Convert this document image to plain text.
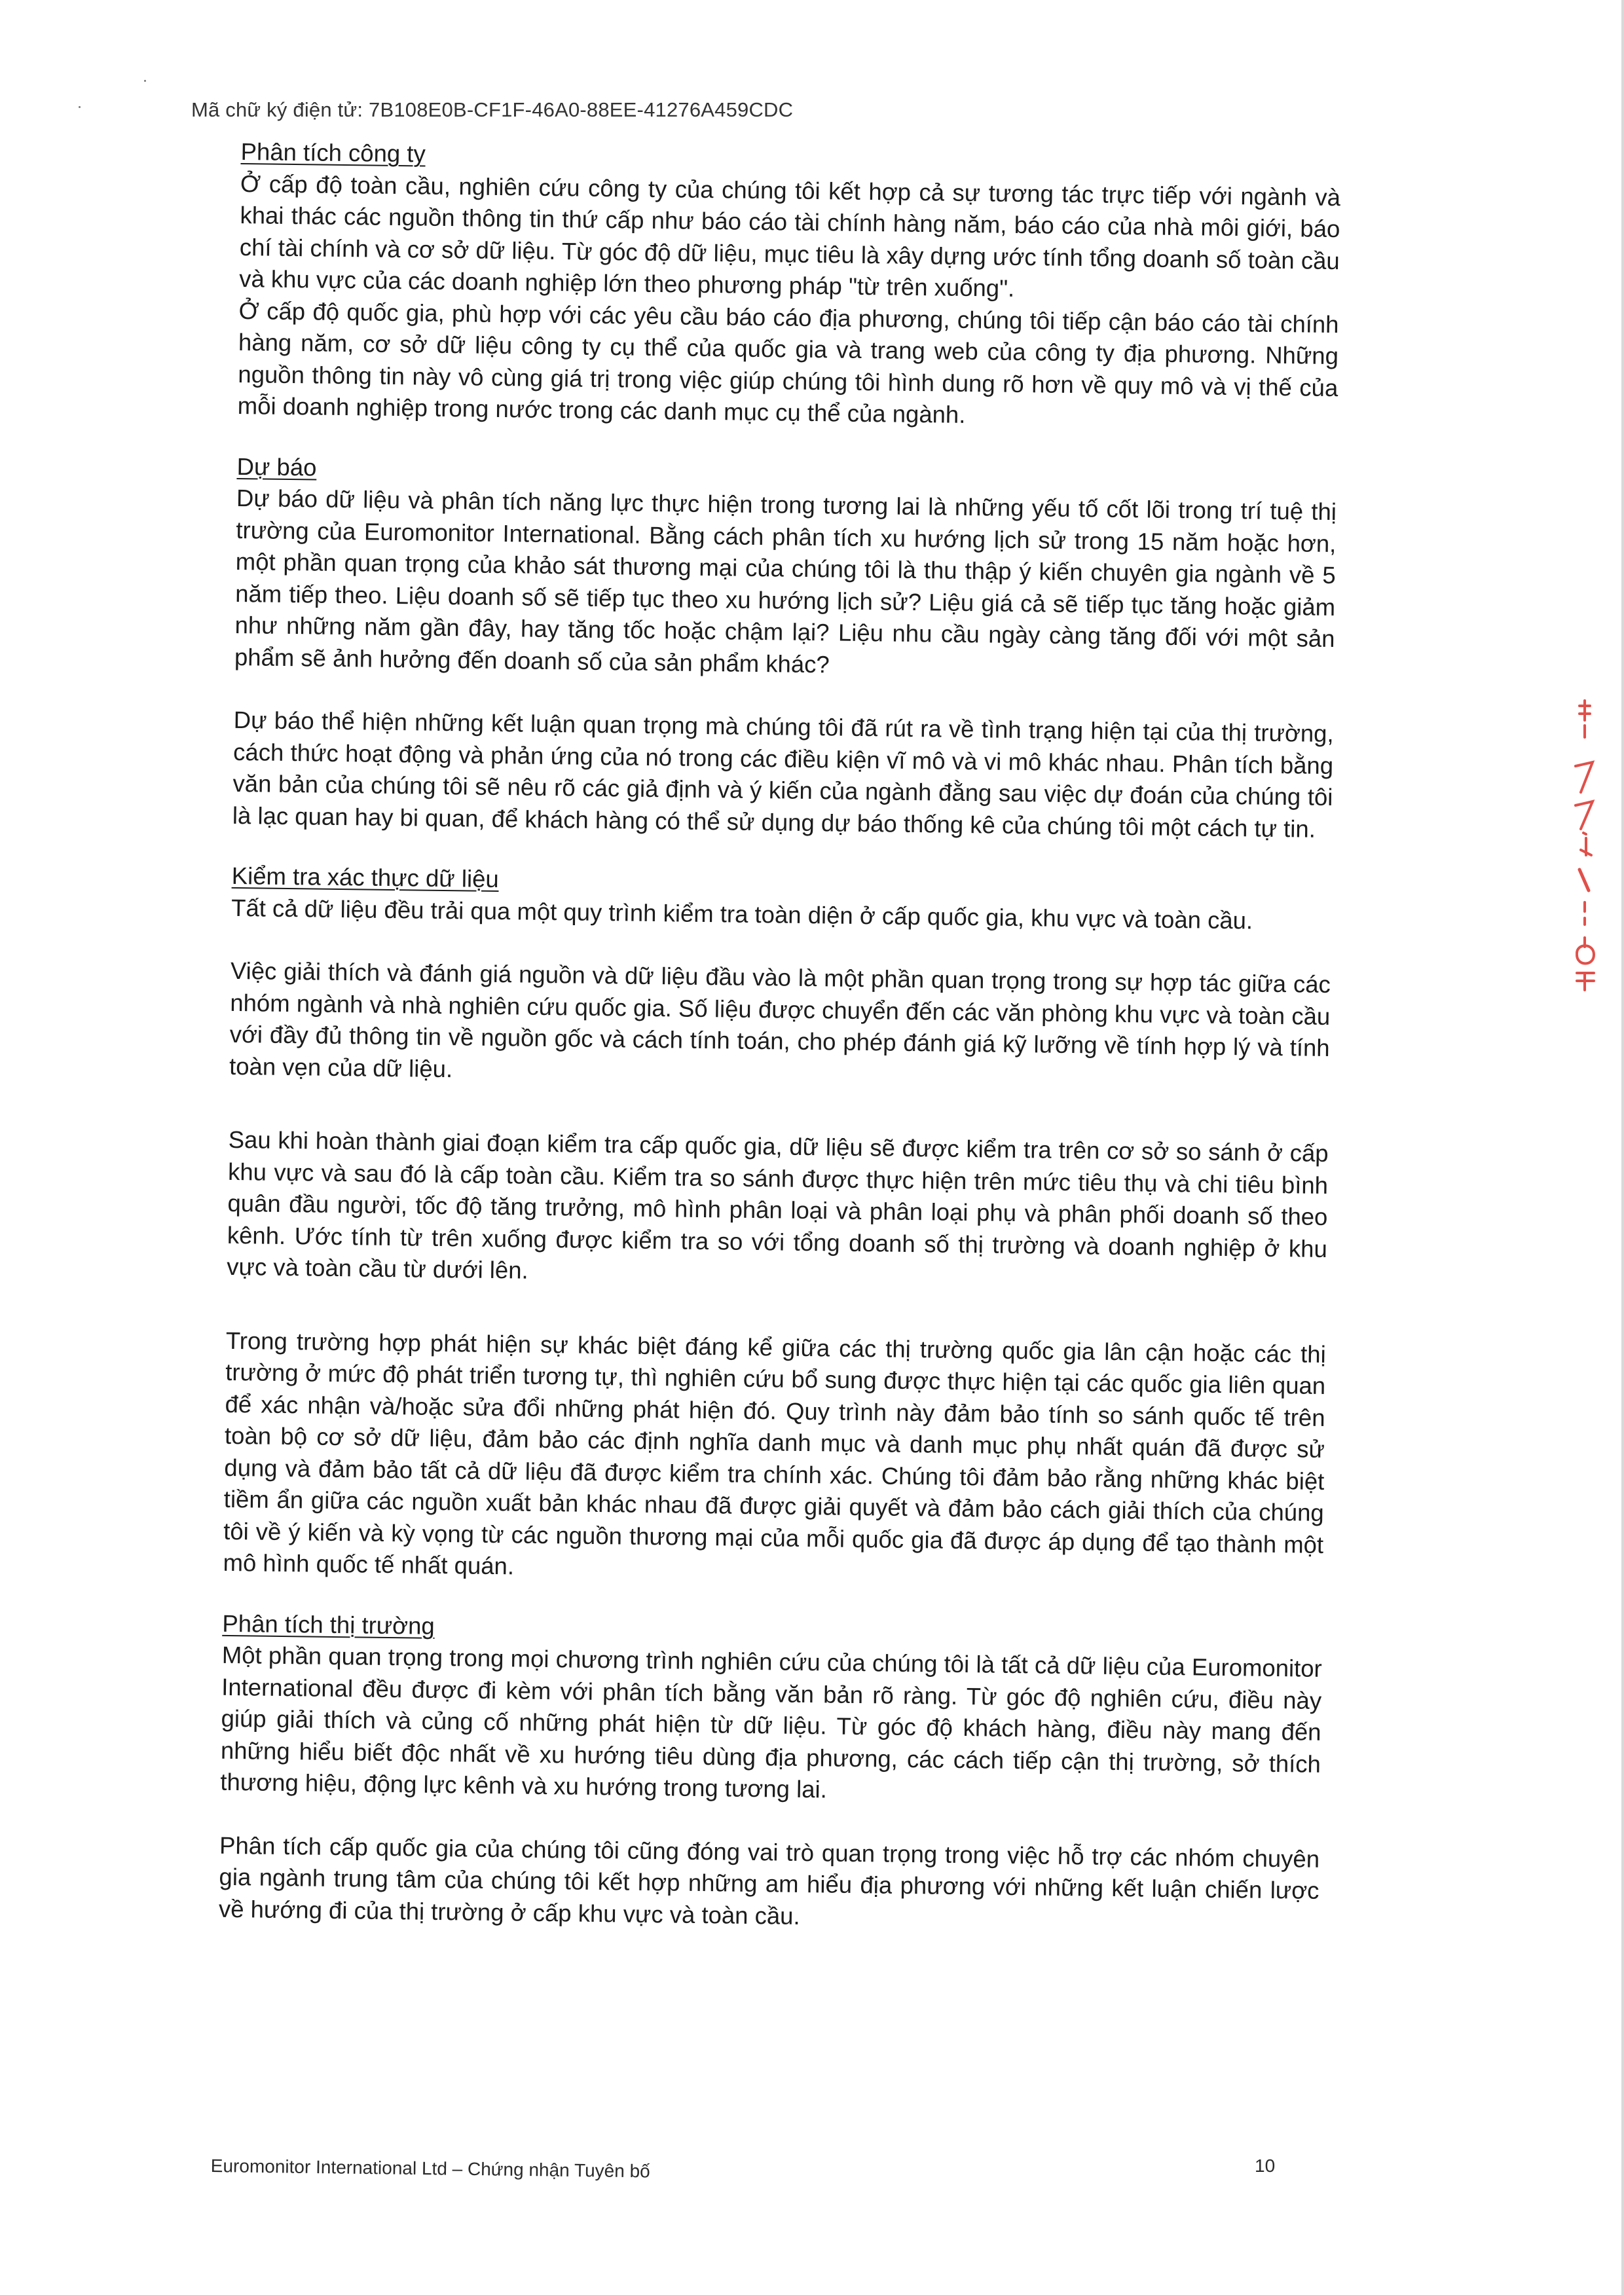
Mã chữ ký điện tử: 7B108E0B-CF1F-46A0-88EE-41276A459CDC
Phân tích công ty

Ở cấp độ toàn cầu, nghiên cứu công ty của chúng tôi kết hợp cả sự tương tác trực tiếp với ngành và khai thác các nguồn thông tin thứ cấp như báo cáo tài chính hàng năm, báo cáo của nhà môi giới, báo chí tài chính và cơ sở dữ liệu. Từ góc độ dữ liệu, mục tiêu là xây dựng ước tính tổng doanh số toàn cầu và khu vực của các doanh nghiệp lớn theo phương pháp "từ trên xuống".

Ở cấp độ quốc gia, phù hợp với các yêu cầu báo cáo địa phương, chúng tôi tiếp cận báo cáo tài chính hàng năm, cơ sở dữ liệu công ty cụ thể của quốc gia và trang web của công ty địa phương. Những nguồn thông tin này vô cùng giá trị trong việc giúp chúng tôi hình dung rõ hơn về quy mô và vị thế của mỗi doanh nghiệp trong nước trong các danh mục cụ thể của ngành.

Dự báo

Dự báo dữ liệu và phân tích năng lực thực hiện trong tương lai là những yếu tố cốt lõi trong trí tuệ thị trường của Euromonitor International. Bằng cách phân tích xu hướng lịch sử trong 15 năm hoặc hơn, một phần quan trọng của khảo sát thương mại của chúng tôi là thu thập ý kiến chuyên gia ngành về 5 năm tiếp theo. Liệu doanh số sẽ tiếp tục theo xu hướng lịch sử? Liệu giá cả sẽ tiếp tục tăng hoặc giảm như những năm gần đây, hay tăng tốc hoặc chậm lại? Liệu nhu cầu ngày càng tăng đối với một sản phẩm sẽ ảnh hưởng đến doanh số của sản phẩm khác?

Dự báo thể hiện những kết luận quan trọng mà chúng tôi đã rút ra về tình trạng hiện tại của thị trường, cách thức hoạt động và phản ứng của nó trong các điều kiện vĩ mô và vi mô khác nhau. Phân tích bằng văn bản của chúng tôi sẽ nêu rõ các giả định và ý kiến của ngành đằng sau việc dự đoán của chúng tôi là lạc quan hay bi quan, để khách hàng có thể sử dụng dự báo thống kê của chúng tôi một cách tự tin.

Kiểm tra xác thực dữ liệu

Tất cả dữ liệu đều trải qua một quy trình kiểm tra toàn diện ở cấp quốc gia, khu vực và toàn cầu.

Việc giải thích và đánh giá nguồn và dữ liệu đầu vào là một phần quan trọng trong sự hợp tác giữa các nhóm ngành và nhà nghiên cứu quốc gia. Số liệu được chuyển đến các văn phòng khu vực và toàn cầu với đầy đủ thông tin về nguồn gốc và cách tính toán, cho phép đánh giá kỹ lưỡng về tính hợp lý và tính toàn vẹn của dữ liệu.

Sau khi hoàn thành giai đoạn kiểm tra cấp quốc gia, dữ liệu sẽ được kiểm tra trên cơ sở so sánh ở cấp khu vực và sau đó là cấp toàn cầu. Kiểm tra so sánh được thực hiện trên mức tiêu thụ và chi tiêu bình quân đầu người, tốc độ tăng trưởng, mô hình phân loại và phân loại phụ và phân phối doanh số theo kênh. Ước tính từ trên xuống được kiểm tra so với tổng doanh số thị trường và doanh nghiệp ở khu vực và toàn cầu từ dưới lên.

Trong trường hợp phát hiện sự khác biệt đáng kể giữa các thị trường quốc gia lân cận hoặc các thị trường ở mức độ phát triển tương tự, thì nghiên cứu bổ sung được thực hiện tại các quốc gia liên quan để xác nhận và/hoặc sửa đổi những phát hiện đó. Quy trình này đảm bảo tính so sánh quốc tế trên toàn bộ cơ sở dữ liệu, đảm bảo các định nghĩa danh mục và danh mục phụ nhất quán đã được sử dụng và đảm bảo tất cả dữ liệu đã được kiểm tra chính xác. Chúng tôi đảm bảo rằng những khác biệt tiềm ẩn giữa các nguồn xuất bản khác nhau đã được giải quyết và đảm bảo cách giải thích của chúng tôi về ý kiến và kỳ vọng từ các nguồn thương mại của mỗi quốc gia đã được áp dụng để tạo thành một mô hình quốc tế nhất quán.

Phân tích thị trường

Một phần quan trọng trong mọi chương trình nghiên cứu của chúng tôi là tất cả dữ liệu của Euromonitor International đều được đi kèm với phân tích bằng văn bản rõ ràng. Từ góc độ nghiên cứu, điều này giúp giải thích và củng cố những phát hiện từ dữ liệu. Từ góc độ khách hàng, điều này mang đến những hiểu biết độc nhất về xu hướng tiêu dùng địa phương, các cách tiếp cận thị trường, sở thích thương hiệu, động lực kênh và xu hướng trong tương lai.

Phân tích cấp quốc gia của chúng tôi cũng đóng vai trò quan trọng trong việc hỗ trợ các nhóm chuyên gia ngành trung tâm của chúng tôi kết hợp những am hiểu địa phương với những kết luận chiến lược về hướng đi của thị trường ở cấp khu vực và toàn cầu.

Euromonitor International Ltd – Chứng nhận Tuyên bố	10
